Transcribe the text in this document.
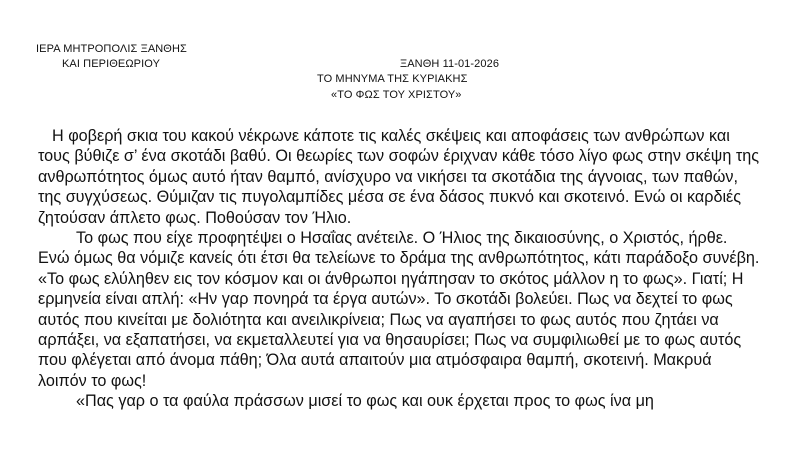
ΙΕΡΑ ΜΗΤΡΟΠΟΛΙΣ ΞΑΝΘΗΣ
ΚΑΙ ΠΕΡΙΘΕΩΡΙΟΥ	ΞΑΝΘΗ 11-01-2026
ΤΟ ΜΗΝΥΜΑ ΤΗΣ ΚΥΡΙΑΚΗΣ
«ΤΟ ΦΩΣ ΤΟΥ ΧΡΙΣΤΟΥ»

Η φοβερή σκια του κακού νέκρωνε κάποτε τις καλές σκέψεις και αποφάσεις των ανθρώπων και τους βύθιζε σ’ ένα σκοτάδι βαθύ. Οι θεωρίες των σοφών έριχναν κάθε τόσο λίγο φως στην σκέψη της ανθρωπότητος όμως αυτό ήταν θαμπό, ανίσχυρο να νικήσει τα σκοτάδια της άγνοιας, των παθών, της συγχύσεως. Θύμιζαν τις πυγολαμπίδες μέσα σε ένα δάσος πυκνό και σκοτεινό. Ενώ οι καρδιές ζητούσαν άπλετο φως. Ποθούσαν τον Ήλιο.

Το φως που είχε προφητέψει ο Ησαΐας ανέτειλε. Ο Ήλιος της δικαιοσύνης, ο Χριστός, ήρθε. Ενώ όμως θα νόμιζε κανείς ότι έτσι θα τελείωνε το δράμα της ανθρωπότητος, κάτι παράδοξο συνέβη. «Το φως ελύληθεν εις τον κόσμον και οι άνθρωποι ηγάπησαν το σκότος μάλλον η το φως». Γιατί; Η ερμηνεία είναι απλή: «Ην γαρ πονηρά τα έργα αυτών». Το σκοτάδι βολεύει. Πως να δεχτεί το φως αυτός που κινείται με δολιότητα και ανειλικρίνεια; Πως να αγαπήσει το φως αυτός που ζητάει να αρπάξει, να εξαπατήσει, να εκμεταλλευτεί για να θησαυρίσει; Πως να συμφιλιωθεί με το φως αυτός που φλέγεται από άνομα πάθη; Όλα αυτά απαιτούν μια ατμόσφαιρα θαμπή, σκοτεινή. Μακρυά λοιπόν το φως!

«Πας γαρ ο τα φαύλα πράσσων μισεί το φως και ουκ έρχεται προς το φως ίνα μη
